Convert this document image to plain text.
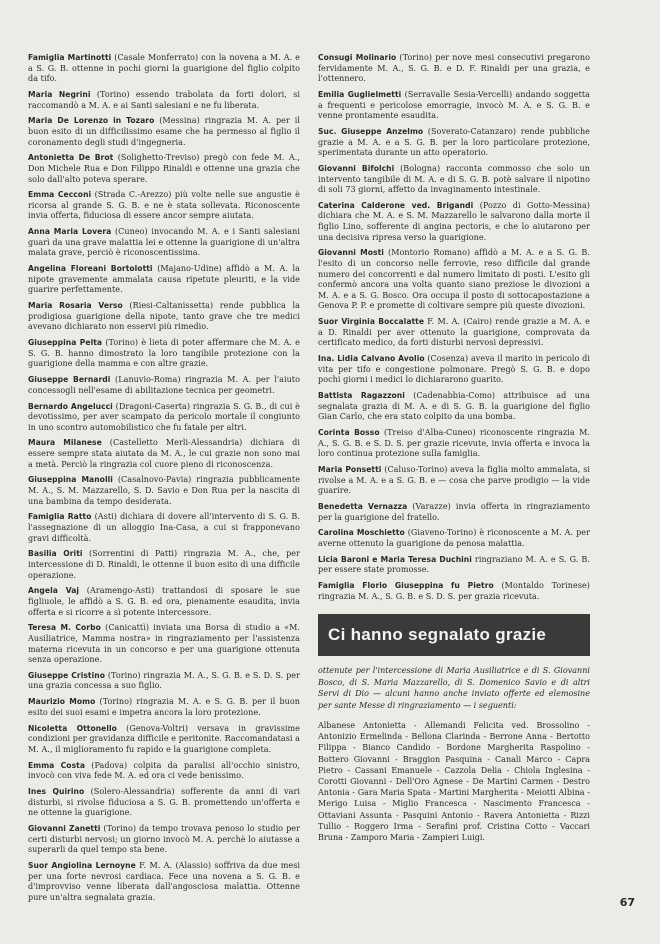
Famiglia Martinotti (Casale Monferrato) con la novena a M. A. e a S. G. B. ottenne in pochi giorni la guarigione del figlio colpito da tifo.

Maria Negrini (Torino) essendo trabolata da forti dolori, si raccomandò a M. A. e ai Santi salesiani e ne fu liberata.

Maria De Lorenzo in Tozaro (Messina) ringrazia M. A. per il buon esito di un difficilissimo esame che ha permesso al figlio il coronamento degli studi d'ingegneria.

Antonietta De Brot (Solighetto-Treviso) pregò con fede M. A., Don Michele Rua e Don Filippo Rinaldi e ottenne una grazia che solo dall'alto poteva sperare.

Emma Cecconi (Strada C.-Arezzo) più volte nelle sue angustie è ricorsa al grande S. G. B. e ne è stata sollevata. Riconoscente invia offerta, fiduciosa di essere ancor sempre aiutata.

Anna Maria Lovera (Cuneo) invocando M. A. e i Santi salesiani guarì da una grave malattia lei e ottenne la guarigione di un'altra malata grave, perciò è riconoscentissima.

Angelina Floreani Bortolotti (Majano-Udine) affidò a M. A. la nipote gravemente ammalata causa ripetute pleuriti, e la vide guarire perfettamente.

Maria Rosaria Verso (Riesi-Caltanissetta) rende pubblica la prodigiosa guarigione della nipote, tanto grave che tre medici avevano dichiarato non esservi più rimedio.

Giuseppina Pelta (Torino) è lieta di poter affermare che M. A. e S. G. B. hanno dimostrato la loro tangibile protezione con la guarigione della mamma e con altre grazie.

Giuseppe Bernardi (Lanuvio-Roma) ringrazia M. A. per l'aiuto concessogli nell'esame di abilitazione tecnica per geometri.

Bernardo Angelucci (Dragoni-Caserta) ringrazia S. G. B., di cui è devotissimo, per aver scampato da pericolo mortale il congiunto in uno scontro automobilistico che fu fatale per altri.

Maura Milanese (Castelletto Merli-Alessandria) dichiara di essere sempre stata aiutata da M. A., le cui grazie non sono mai a metà. Perciò la ringrazia col cuore pieno di riconoscenza.

Giuseppina Manolli (Casalnovo-Pavia) ringrazia pubblicamente M. A., S. M. Mazzarello, S. D. Savio e Don Rua per la nascita di una bambina da tempo desiderata.

Famiglia Ratto (Asti) dichiara di dovere all'intervento di S. G. B. l'assegnazione di un alloggio Ina-Casa, a cui si frapponevano gravi difficoltà.

Basilia Oriti (Sorrentini di Patti) ringrazia M. A., che, per intercessione di D. Rinaldi, le ottenne il buon esito di una difficile operazione.

Angela Vaj (Aramengo-Asti) trattandosi di sposare le sue figliuole, le affidò a S. G. B. ed ora, pienamente esaudita, invia offerta e si ricorre a sì potente intercessore.

Teresa M. Corbo (Canicattì) inviata una Borsa di studio a «M. Ausiliatrice, Mamma nostra» in ringraziamento per l'assistenza materna ricevuta in un concorso e per una guarigione ottenuta senza operazione.

Giuseppe Cristino (Torino) ringrazia M. A., S. G. B. e S. D. S. per una grazia concessa a suo figlio.

Maurizio Momo (Torino) ringrazia M. A. e S. G. B. per il buon esito dei suoi esami e impetra ancora la loro protezione.

Nicoletta Ottonello (Genova-Voltri) versava in gravissime condizioni per gravidanza difficile e peritonite. Raccomandatasi a M. A., il miglioramento fu rapido e la guarigione completa.

Emma Costa (Padova) colpita da paralisi all'occhio sinistro, invocò con viva fede M. A. ed ora ci vede benissimo.

Ines Quirino (Solero-Alessandria) sofferente da anni di vari disturbi, si rivolse fiduciosa a S. G. B. promettendo un'offerta e ne ottenne la guarigione.

Giovanni Zanetti (Torino) da tempo trovava penoso lo studio per certi disturbi nervosi; un giorno invocò M. A. perchè lo aiutasse a superarli da quel tempo sta bene.

Suor Angiolina Lernoyne F. M. A. (Alassio) soffriva da due mesi per una forte nevrosi cardiaca. Fece una novena a S. G. B. e d'improvviso venne liberata dall'angosciosa malattia. Ottenne pure un'altra segnalata grazia.

Consugi Molinario (Torino) per nove mesi consecutivi pregarono fervidamente M. A., S. G. B. e D. F. Rinaldi per una grazia, e l'ottennero.

Emilia Guglielmetti (Serravalle Sesia-Vercelli) andando soggetta a frequenti e pericolose emorragie, invocò M. A. e S. G. B. e venne prontamente esaudita.

Suc. Giuseppe Anzelmo (Soverato-Catanzaro) rende pubbliche grazie a M. A. e a S. G. B. per la loro particolare protezione, sperimentata durante un atto operatorio.

Giovanni Bifolchi (Bologna) racconta commosso che solo un intervento tangibile di M. A. e di S. G. B. potè salvare il nipotino di soli 73 giorni, affetto da invaginamento intestinale.

Caterina Calderone ved. Brigandi (Pozzo di Gotto-Messina) dichiara che M. A. e S. M. Mazzarello le salvarono dalla morte il figlio Lino, sofferente di angina pectoris, e che lo aiutarono per una decisiva ripresa verso la guarigione.

Giovanni Mosti (Montorio Romano) affidò a M. A. e a S. G. B. l'esito di un concorso nelle ferrovie, reso difficile dal grande numero dei concorrenti e dal numero limitato di posti. L'esito gli confermò ancora una volta quanto siano preziose le divozioni a M. A. e a S. G. Bosco. Ora occupa il posto di sottocapostazione a Genova P. P. e promette di coltivare sempre più queste divozioni.

Suor Virginia Boccalatte F. M. A. (Cairo) rende grazie a M. A. e a D. Rinaldi per aver ottenuto la guarigione, comprovata da certificato medico, da forti disturbi nervosi depressivi.

Ina. Lidia Calvano Avolio (Cosenza) aveva il marito in pericolo di vita per tifo e congestione polmonare. Pregò S. G. B. e dopo pochi giorni i medici lo dichiararono guarito.

Battista Ragazzoni (Cadenabbia-Como) attribuisce ad una segnalata grazia di M. A. e di S. G. B. la guarigione del figlio Gian Carlo, che era stato colpito da una bomba.

Corinta Bosso (Treiso d'Alba-Cuneo) riconoscente ringrazia M. A., S. G. B. e S. D. S. per grazie ricevute, invia offerta e invoca la loro continua protezione sulla famiglia.

Maria Ponsetti (Caluso-Torino) aveva la figlia molto ammalata, si rivolse a M. A. e a S. G. B. e — cosa che parve prodigio — la vide guarire.

Benedetta Vernazza (Varazze) invia offerta in ringraziamento per la guarigione del fratello.

Carolina Moschietto (Giaveno-Torino) è riconoscente a M. A. per averne ottenuto la guarigione da penosa malattia.

Licia Baroni e Maria Teresa Duchini ringraziano M. A. e S. G. B. per essere state promosse.

Famiglia Florio Giuseppina fu Pietro (Montaldo Torinese) ringrazia M. A., S. G. B. e S. D. S. per grazia ricevuta.

Ci hanno segnalato grazie

ottenute per l'intercessione di Maria Ausiliatrice e di S. Giovanni Bosco, di S. Maria Mazzarello, di S. Domenico Savio e di altri Servi di Dio — alcuni hanno anche inviato offerte ed elemosine per sante Messe di ringraziamento — i seguenti:

Albanese Antonietta - Allemandi Felicita ved. Brossolino - Antonizio Ermelinda - Bellona Clarinda - Berrone Anna - Bertotto Filippa - Bianco Candido - Bordone Margherita Raspolino - Bottero Giovanni - Braggion Pasquina - Canali Marco - Capra Pietro - Cassani Emanuele - Cazzola Delia - Chiola Inglesina - Corotti Giovanni - Dell'Oro Agnese - De Martini Carmen - Destro Antonia - Gara Maria Spata - Martini Margherita - Meiotti Albina - Merigo Luisa - Miglio Francesca - Nascimento Francesca - Ottaviani Assunta - Pasquini Antonio - Ravera Antonietta - Rizzi Tullio - Roggero Irma - Serafini prof. Cristina Cotto - Vaccari Bruna - Zamporo Maria - Zampieri Luigi.

67
